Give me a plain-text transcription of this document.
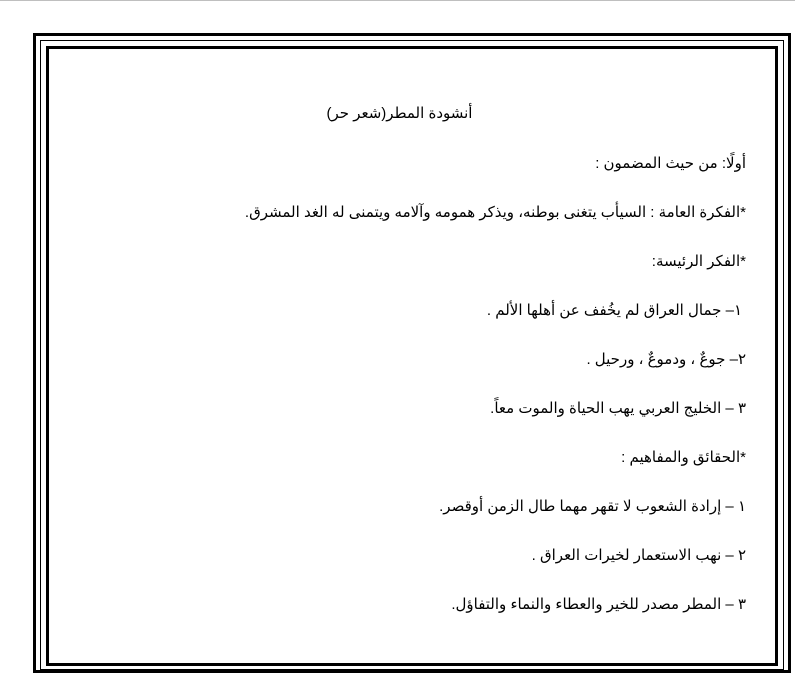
أنشودة المطر(شعر حر)
أولًا: من حيث المضمون :
*الفكرة العامة : السيأب يتغنى بوطنه، ويذكر همومه وآلامه ويتمنى له الغد المشرق.
*الفكر الرئيسة:
١– جمال العراق لم يخُفف عن أهلها الألم .
٢– جوعٌ ، ودموعٌ ، ورحيل .
٣ – الخليج العربي يهب الحياة والموت معاً.
*الحقائق والمفاهيم :
١ – إرادة الشعوب لا تقهر مهما طال الزمن أوقصر.
٢ – نهب الاستعمار لخيرات العراق .
٣ – المطر مصدر للخير والعطاء والنماء والتفاؤل.
